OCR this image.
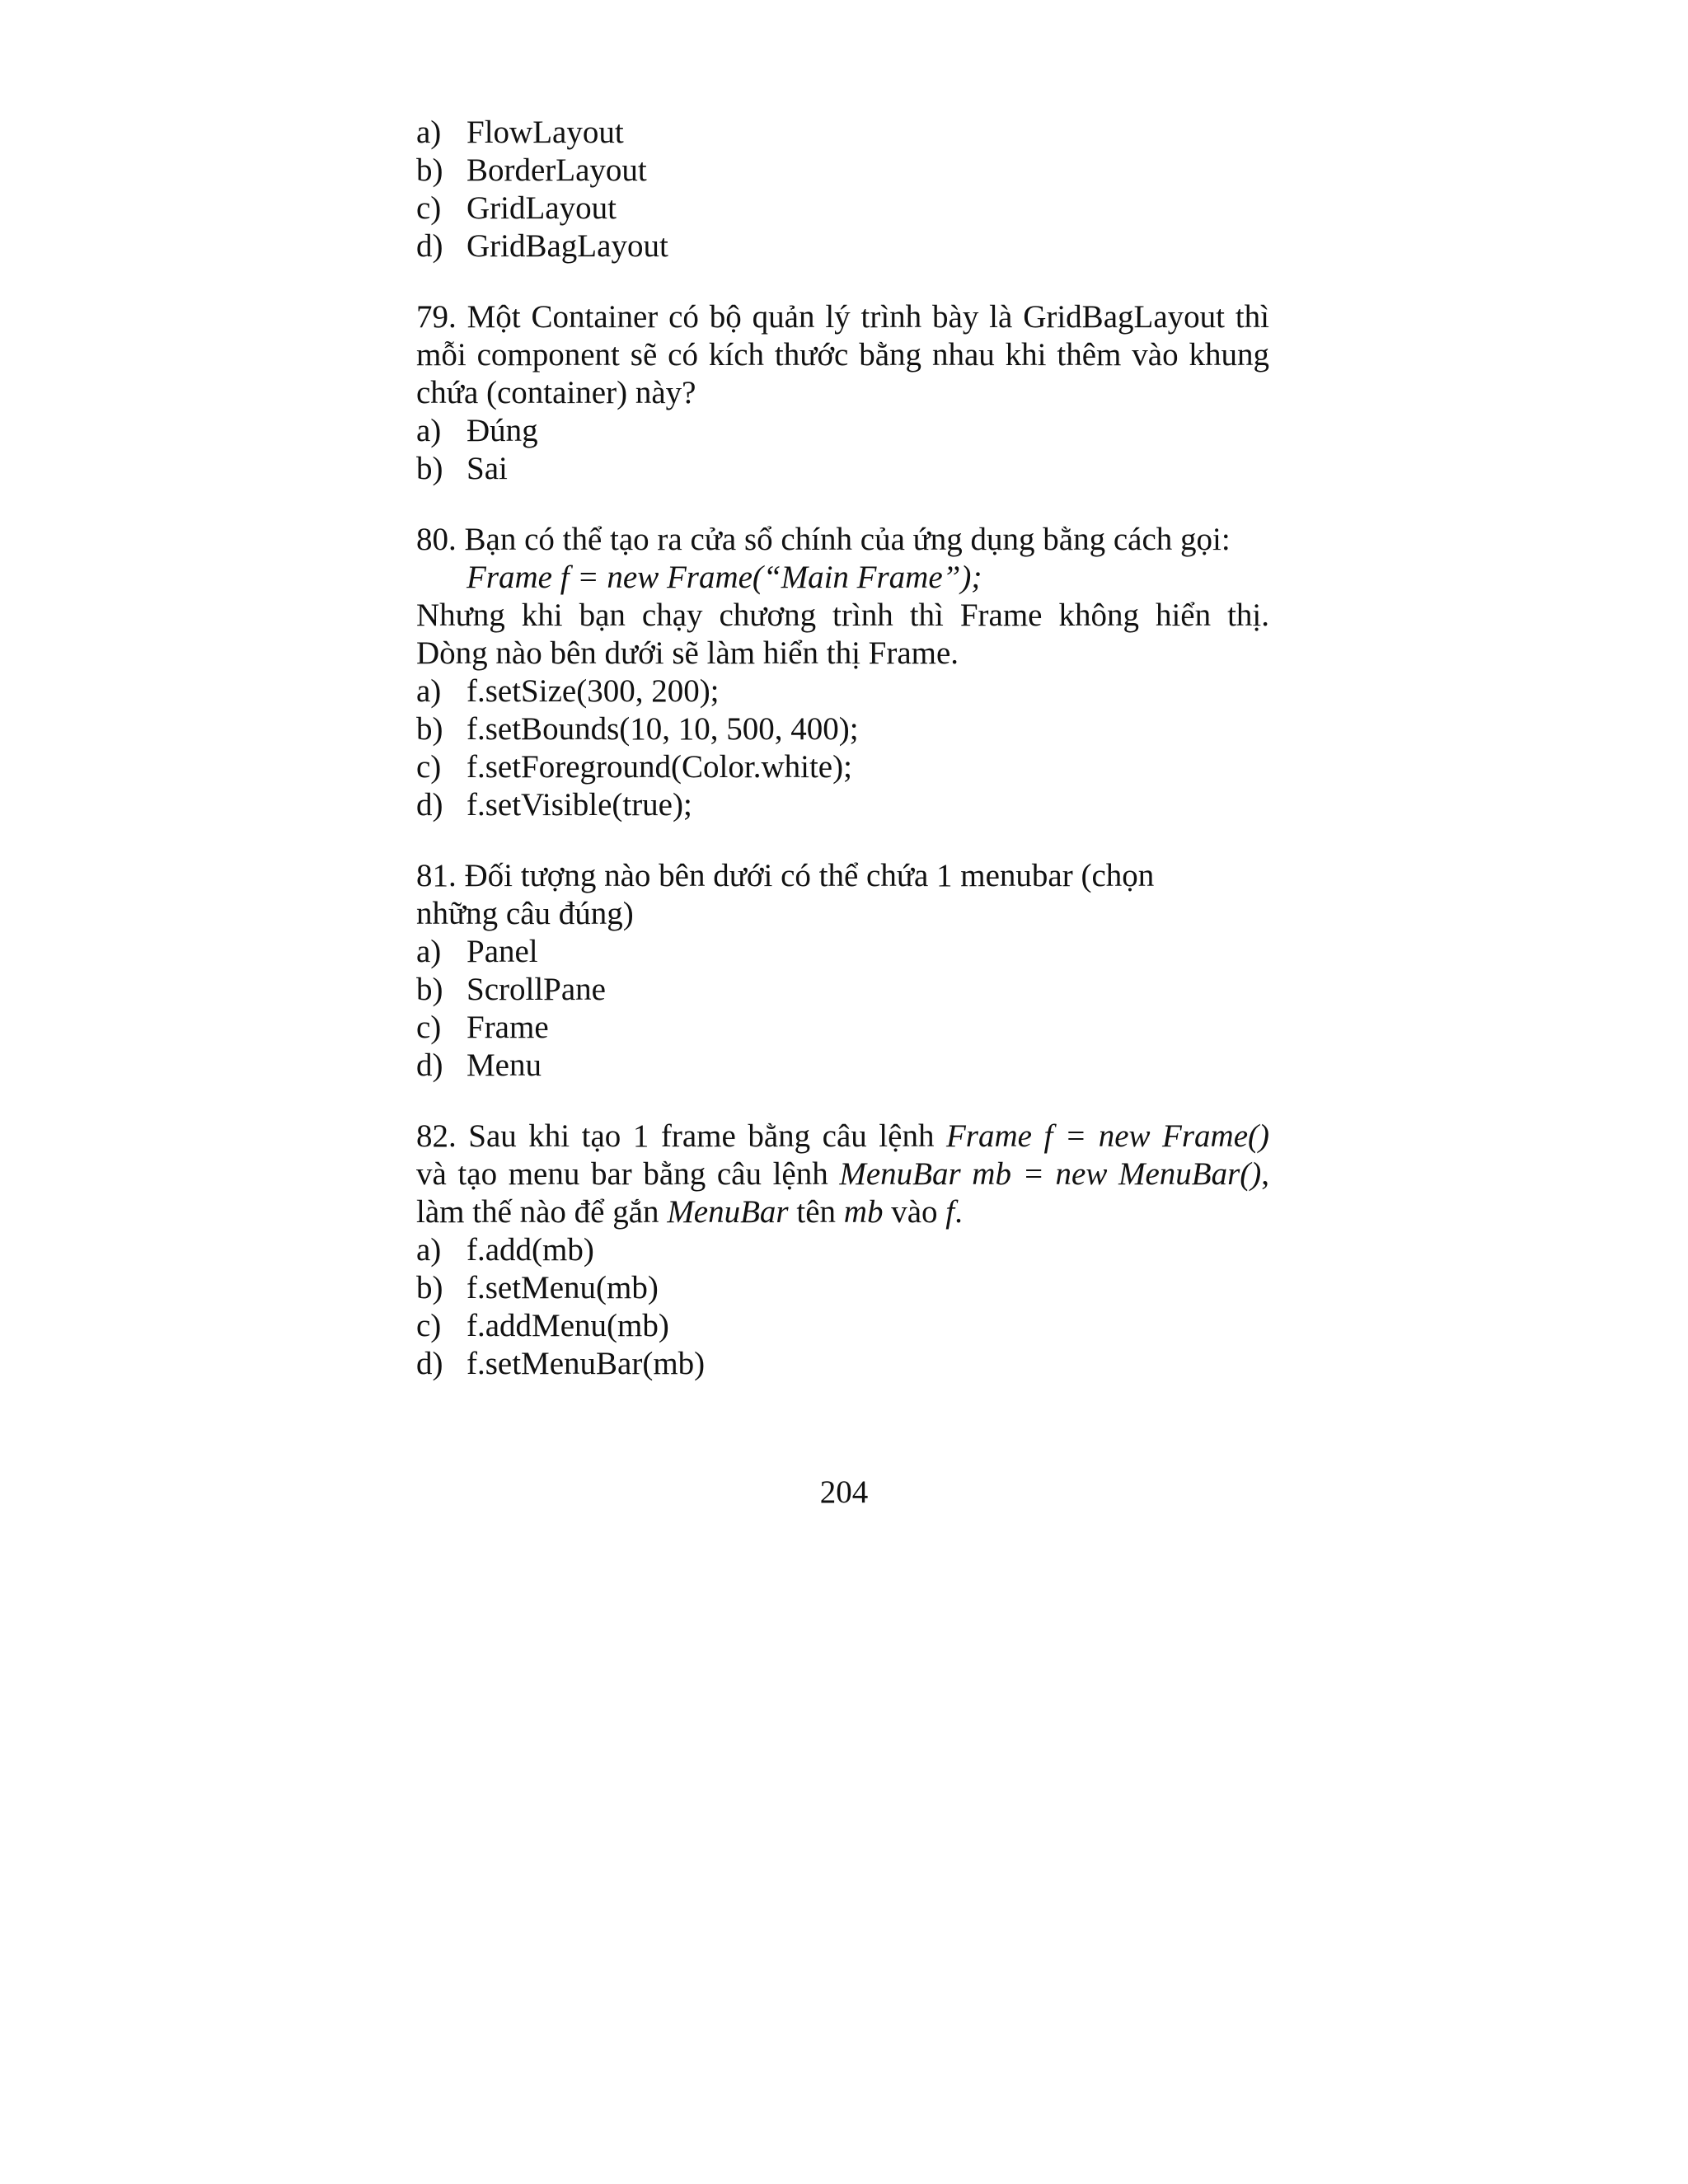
a) FlowLayout
b) BorderLayout
c) GridLayout
d) GridBagLayout
79. Một Container có bộ quản lý trình bày là GridBagLayout thì
mỗi component sẽ có kích thước bằng nhau khi thêm vào khung
chứa (container) này?
a) Đúng
b) Sai
80. Bạn có thể tạo ra cửa sổ chính của ứng dụng bằng cách gọi:
Frame f = new Frame(“Main Frame”);
Nhưng khi bạn chạy chương trình thì Frame không hiển thị.
Dòng nào bên dưới sẽ làm hiển thị Frame.
a) f.setSize(300, 200);
b) f.setBounds(10, 10, 500, 400);
c) f.setForeground(Color.white);
d) f.setVisible(true);
81. Đối tượng nào bên dưới có thể chứa 1 menubar (chọn
những câu đúng)
a) Panel
b) ScrollPane
c) Frame
d) Menu
82. Sau khi tạo 1 frame bằng câu lệnh Frame f = new Frame()
và tạo menu bar bằng câu lệnh MenuBar mb = new MenuBar(),
làm thế nào để gắn MenuBar tên mb vào f.
a) f.add(mb)
b) f.setMenu(mb)
c) f.addMenu(mb)
d) f.setMenuBar(mb)
204
